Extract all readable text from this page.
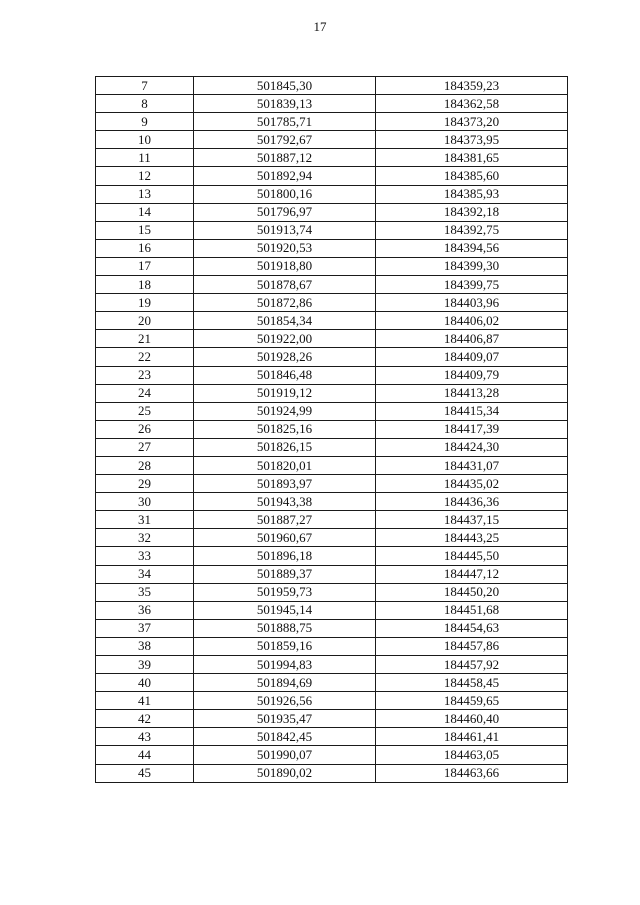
17
7	501845,30	184359,23
8	501839,13	184362,58
9	501785,71	184373,20
10	501792,67	184373,95
11	501887,12	184381,65
12	501892,94	184385,60
13	501800,16	184385,93
14	501796,97	184392,18
15	501913,74	184392,75
16	501920,53	184394,56
17	501918,80	184399,30
18	501878,67	184399,75
19	501872,86	184403,96
20	501854,34	184406,02
21	501922,00	184406,87
22	501928,26	184409,07
23	501846,48	184409,79
24	501919,12	184413,28
25	501924,99	184415,34
26	501825,16	184417,39
27	501826,15	184424,30
28	501820,01	184431,07
29	501893,97	184435,02
30	501943,38	184436,36
31	501887,27	184437,15
32	501960,67	184443,25
33	501896,18	184445,50
34	501889,37	184447,12
35	501959,73	184450,20
36	501945,14	184451,68
37	501888,75	184454,63
38	501859,16	184457,86
39	501994,83	184457,92
40	501894,69	184458,45
41	501926,56	184459,65
42	501935,47	184460,40
43	501842,45	184461,41
44	501990,07	184463,05
45	501890,02	184463,66
